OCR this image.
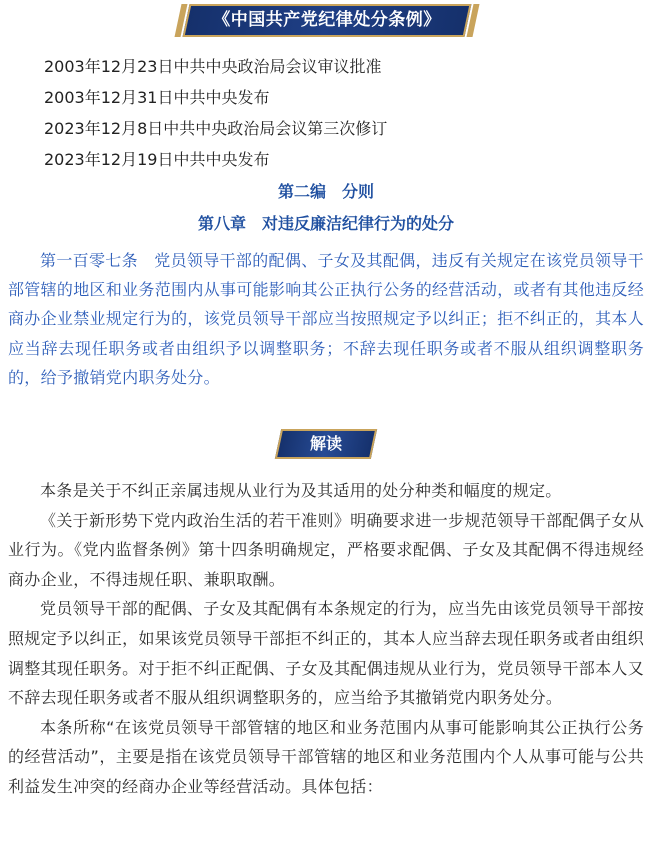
《中国共产党纪律处分条例》
2003年12月23日中共中央政治局会议审议批准
2003年12月31日中共中央发布
2023年12月8日中共中央政治局会议第三次修订
2023年12月19日中共中央发布
第二编　分则
第八章　对违反廉洁纪律行为的处分
第一百零七条　党员领导干部的配偶、子女及其配偶，违反有关规定在该党员领导干部管辖的地区和业务范围内从事可能影响其公正执行公务的经营活动，或者有其他违反经商办企业禁业规定行为的，该党员领导干部应当按照规定予以纠正；拒不纠正的，其本人应当辞去现任职务或者由组织予以调整职务；不辞去现任职务或者不服从组织调整职务的，给予撤销党内职务处分。
解读

本条是关于不纠正亲属违规从业行为及其适用的处分种类和幅度的规定。

《关于新形势下党内政治生活的若干准则》明确要求进一步规范领导干部配偶子女从业行为。《党内监督条例》第十四条明确规定，严格要求配偶、子女及其配偶不得违规经商办企业，不得违规任职、兼职取酬。

党员领导干部的配偶、子女及其配偶有本条规定的行为，应当先由该党员领导干部按照规定予以纠正，如果该党员领导干部拒不纠正的，其本人应当辞去现任职务或者由组织调整其现任职务。对于拒不纠正配偶、子女及其配偶违规从业行为，党员领导干部本人又不辞去现任职务或者不服从组织调整职务的，应当给予其撤销党内职务处分。

本条所称“在该党员领导干部管辖的地区和业务范围内从事可能影响其公正执行公务的经营活动”，主要是指在该党员领导干部管辖的地区和业务范围内个人从事可能与公共利益发生冲突的经商办企业等经营活动。具体包括：
